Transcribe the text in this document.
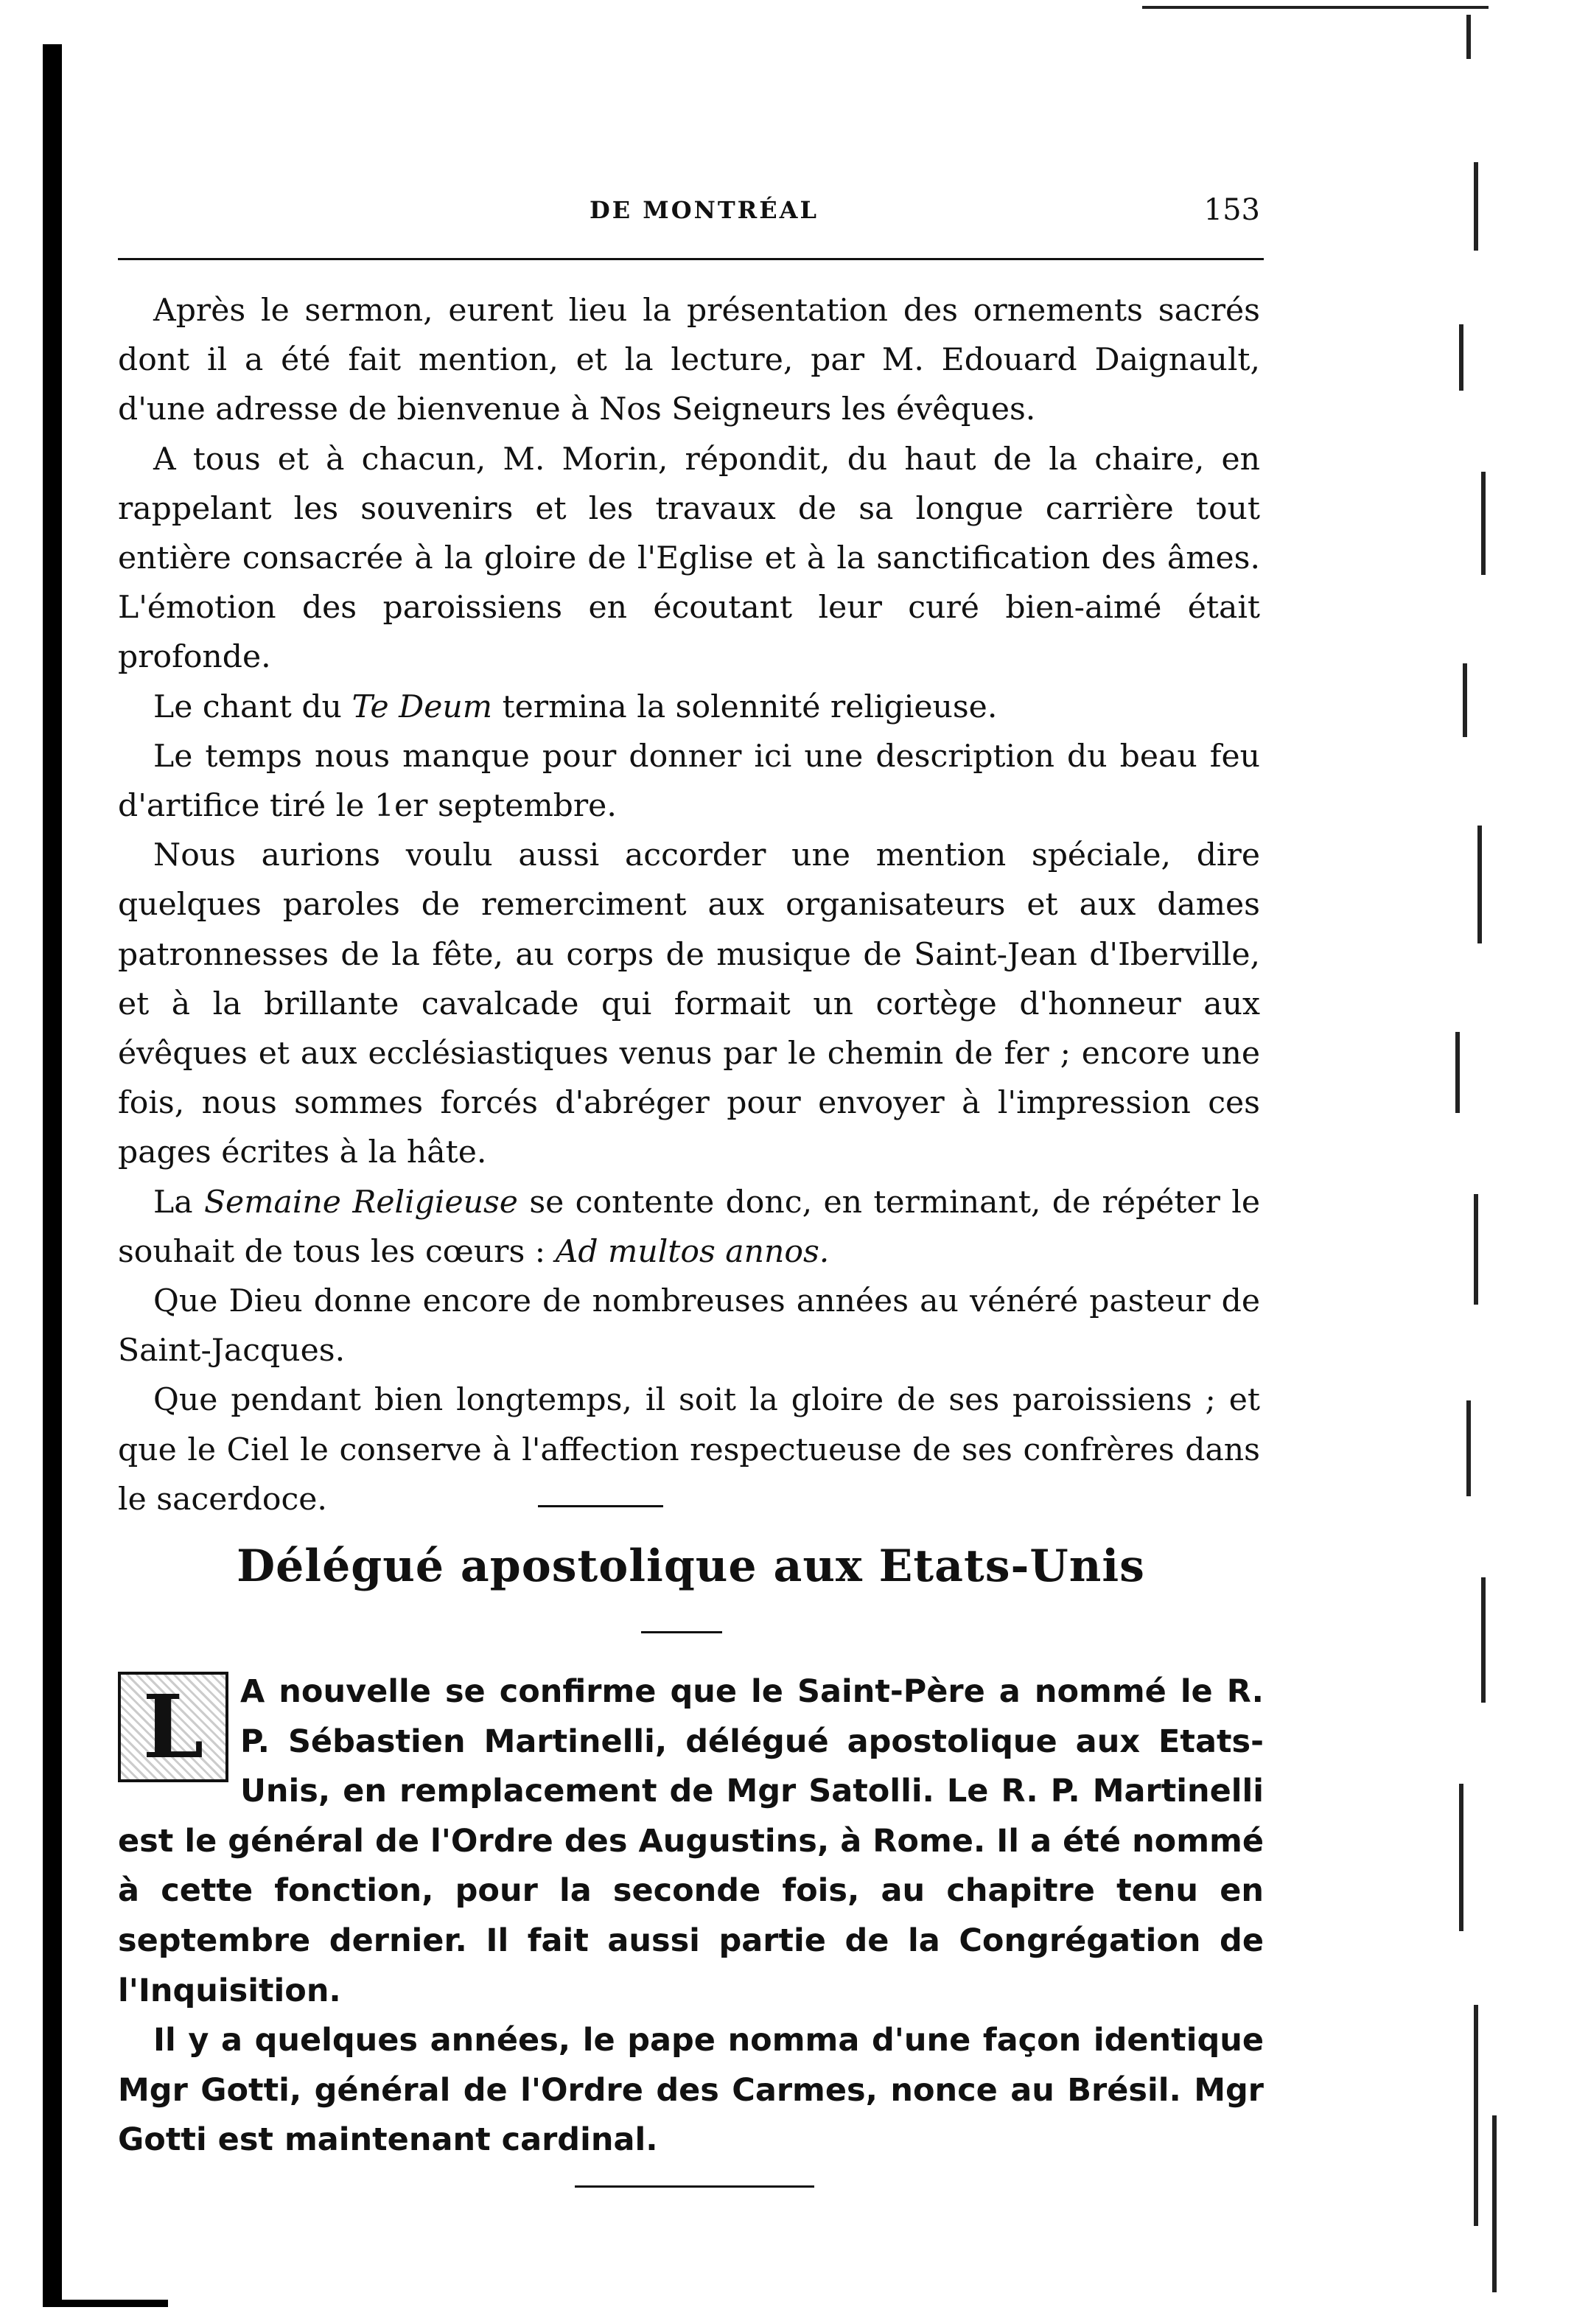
DE MONTRÉAL	153

Après le sermon, eurent lieu la présentation des ornements sacrés dont il a été fait mention, et la lecture, par M. Edouard Daignault, d'une adresse de bienvenue à Nos Seigneurs les évêques.

A tous et à chacun, M. Morin, répondit, du haut de la chaire, en rappelant les souvenirs et les travaux de sa longue carrière tout entière consacrée à la gloire de l'Eglise et à la sanctification des âmes. L'émotion des paroissiens en écoutant leur curé bien-aimé était profonde.

Le chant du Te Deum termina la solennité religieuse.

Le temps nous manque pour donner ici une description du beau feu d'artifice tiré le 1er septembre.

Nous aurions voulu aussi accorder une mention spéciale, dire quelques paroles de remerciment aux organisateurs et aux dames patronnesses de la fête, au corps de musique de Saint-Jean d'Iberville, et à la brillante cavalcade qui formait un cortège d'honneur aux évêques et aux ecclésiastiques venus par le chemin de fer ; encore une fois, nous sommes forcés d'abréger pour envoyer à l'impression ces pages écrites à la hâte.

La Semaine Religieuse se contente donc, en terminant, de répéter le souhait de tous les cœurs : Ad multos annos.

Que Dieu donne encore de nombreuses années au vénéré pasteur de Saint-Jacques.

Que pendant bien longtemps, il soit la gloire de ses paroissiens ; et que le Ciel le conserve à l'affection respectueuse de ses confrères dans le sacerdoce.

Délégué apostolique aux Etats-Unis

L	A nouvelle se confirme que le Saint-Père a nommé le R. P. Sébastien Martinelli, délégué apostolique aux Etats-Unis, en remplacement de Mgr Satolli. Le R. P. Martinelli est le général de l'Ordre des Augustins, à Rome. Il a été nommé à cette fonction, pour la seconde fois, au chapitre tenu en septembre dernier. Il fait aussi partie de la Congrégation de l'Inquisition.

Il y a quelques années, le pape nomma d'une façon identique Mgr Gotti, général de l'Ordre des Carmes, nonce au Brésil. Mgr Gotti est maintenant cardinal.
